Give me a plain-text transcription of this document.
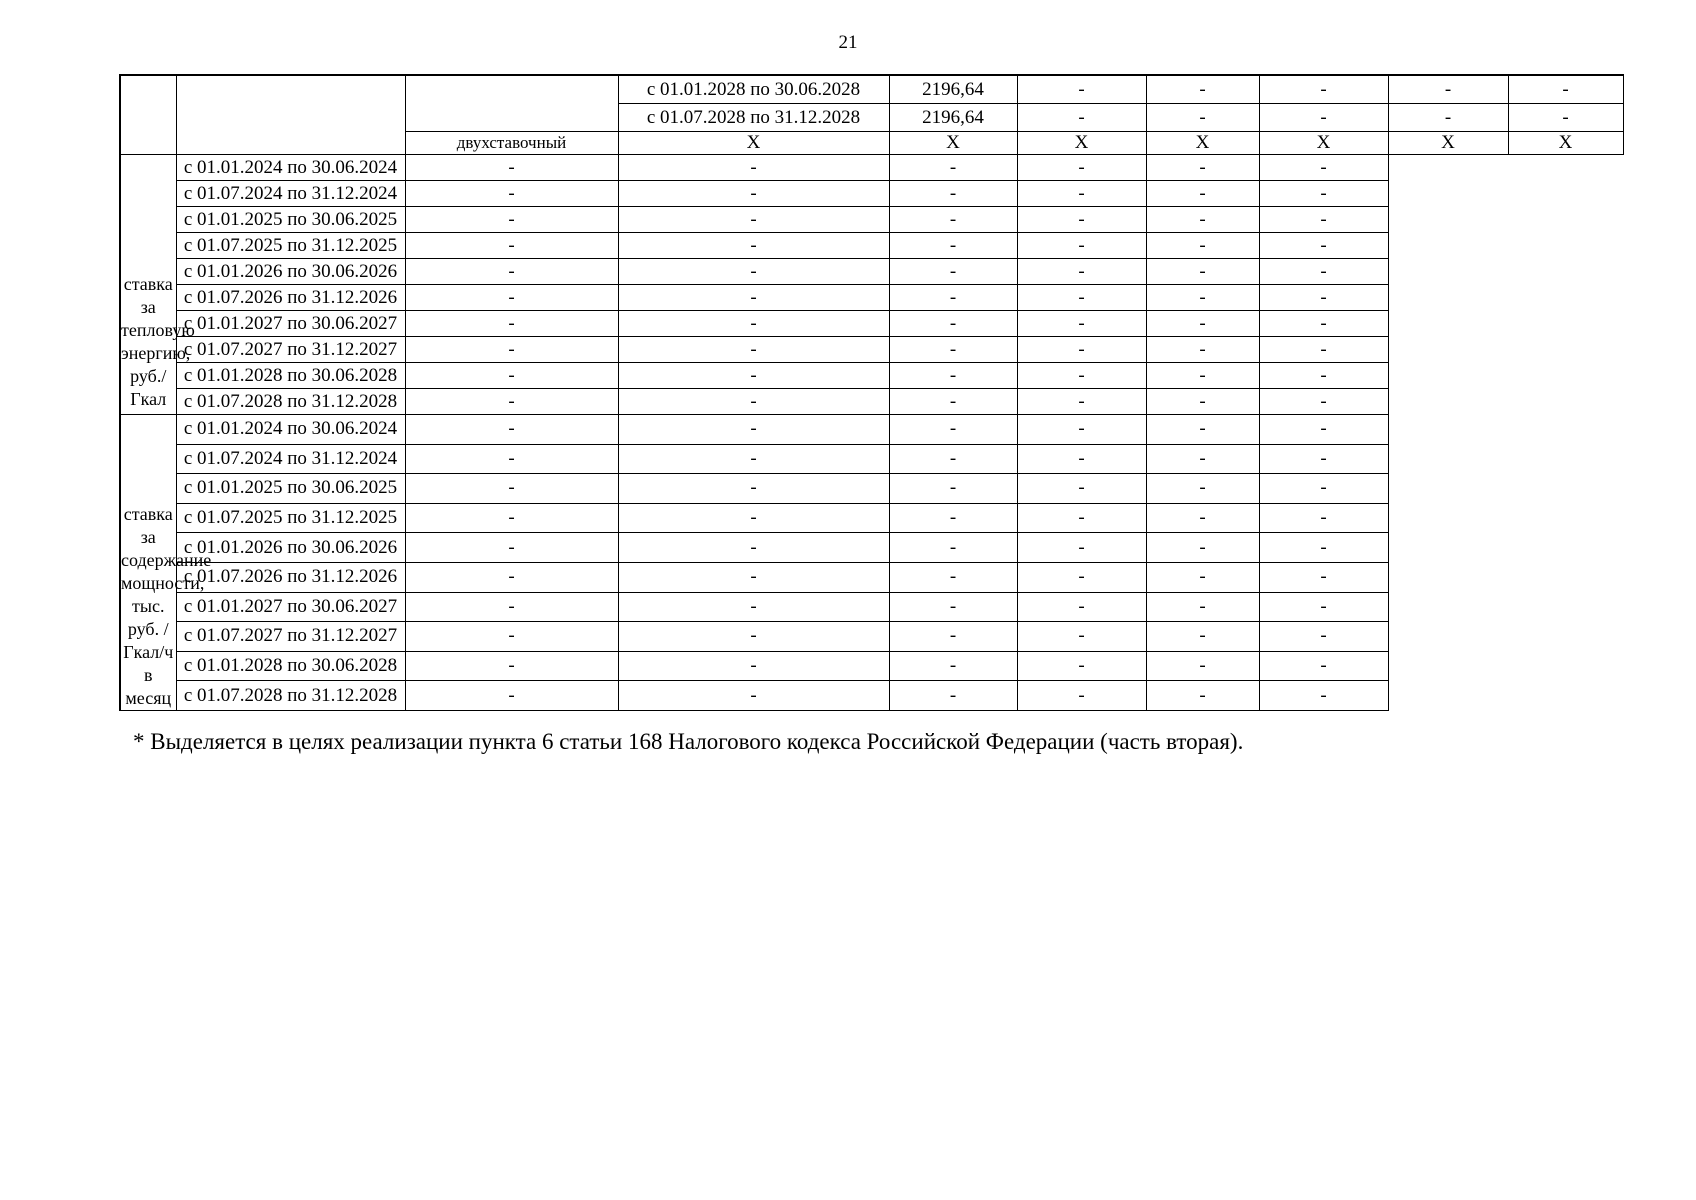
21
			с 01.01.2028 по 30.06.2028	2196,64	-	-	-	-	-
			с 01.07.2028 по 31.12.2028	2196,64	-	-	-	-	-
		двухставочный	X	X	X	X	X	X	X
ставка за тепловую энергию, руб./Гкал	с 01.01.2024 по 30.06.2024	-	-	-	-	-	-		
	с 01.07.2024 по 31.12.2024	-	-	-	-	-	-		
	с 01.01.2025 по 30.06.2025	-	-	-	-	-	-		
	с 01.07.2025 по 31.12.2025	-	-	-	-	-	-		
	с 01.01.2026 по 30.06.2026	-	-	-	-	-	-		
	с 01.07.2026 по 31.12.2026	-	-	-	-	-	-		
	с 01.01.2027 по 30.06.2027	-	-	-	-	-	-		
	с 01.07.2027 по 31.12.2027	-	-	-	-	-	-		
	с 01.01.2028 по 30.06.2028	-	-	-	-	-	-		
	с 01.07.2028 по 31.12.2028	-	-	-	-	-	-		
ставка за содержание мощности, тыс. руб. /Гкал/ч в месяц	с 01.01.2024 по 30.06.2024	-	-	-	-	-	-		
	с 01.07.2024 по 31.12.2024	-	-	-	-	-	-		
	с 01.01.2025 по 30.06.2025	-	-	-	-	-	-		
	с 01.07.2025 по 31.12.2025	-	-	-	-	-	-		
	с 01.01.2026 по 30.06.2026	-	-	-	-	-	-		
	с 01.07.2026 по 31.12.2026	-	-	-	-	-	-		
	с 01.01.2027 по 30.06.2027	-	-	-	-	-	-		
	с 01.07.2027 по 31.12.2027	-	-	-	-	-	-		
	с 01.01.2028 по 30.06.2028	-	-	-	-	-	-		
	с 01.07.2028 по 31.12.2028	-	-	-	-	-	-		
* Выделяется в целях реализации пункта 6 статьи 168 Налогового кодекса Российской Федерации (часть вторая).
